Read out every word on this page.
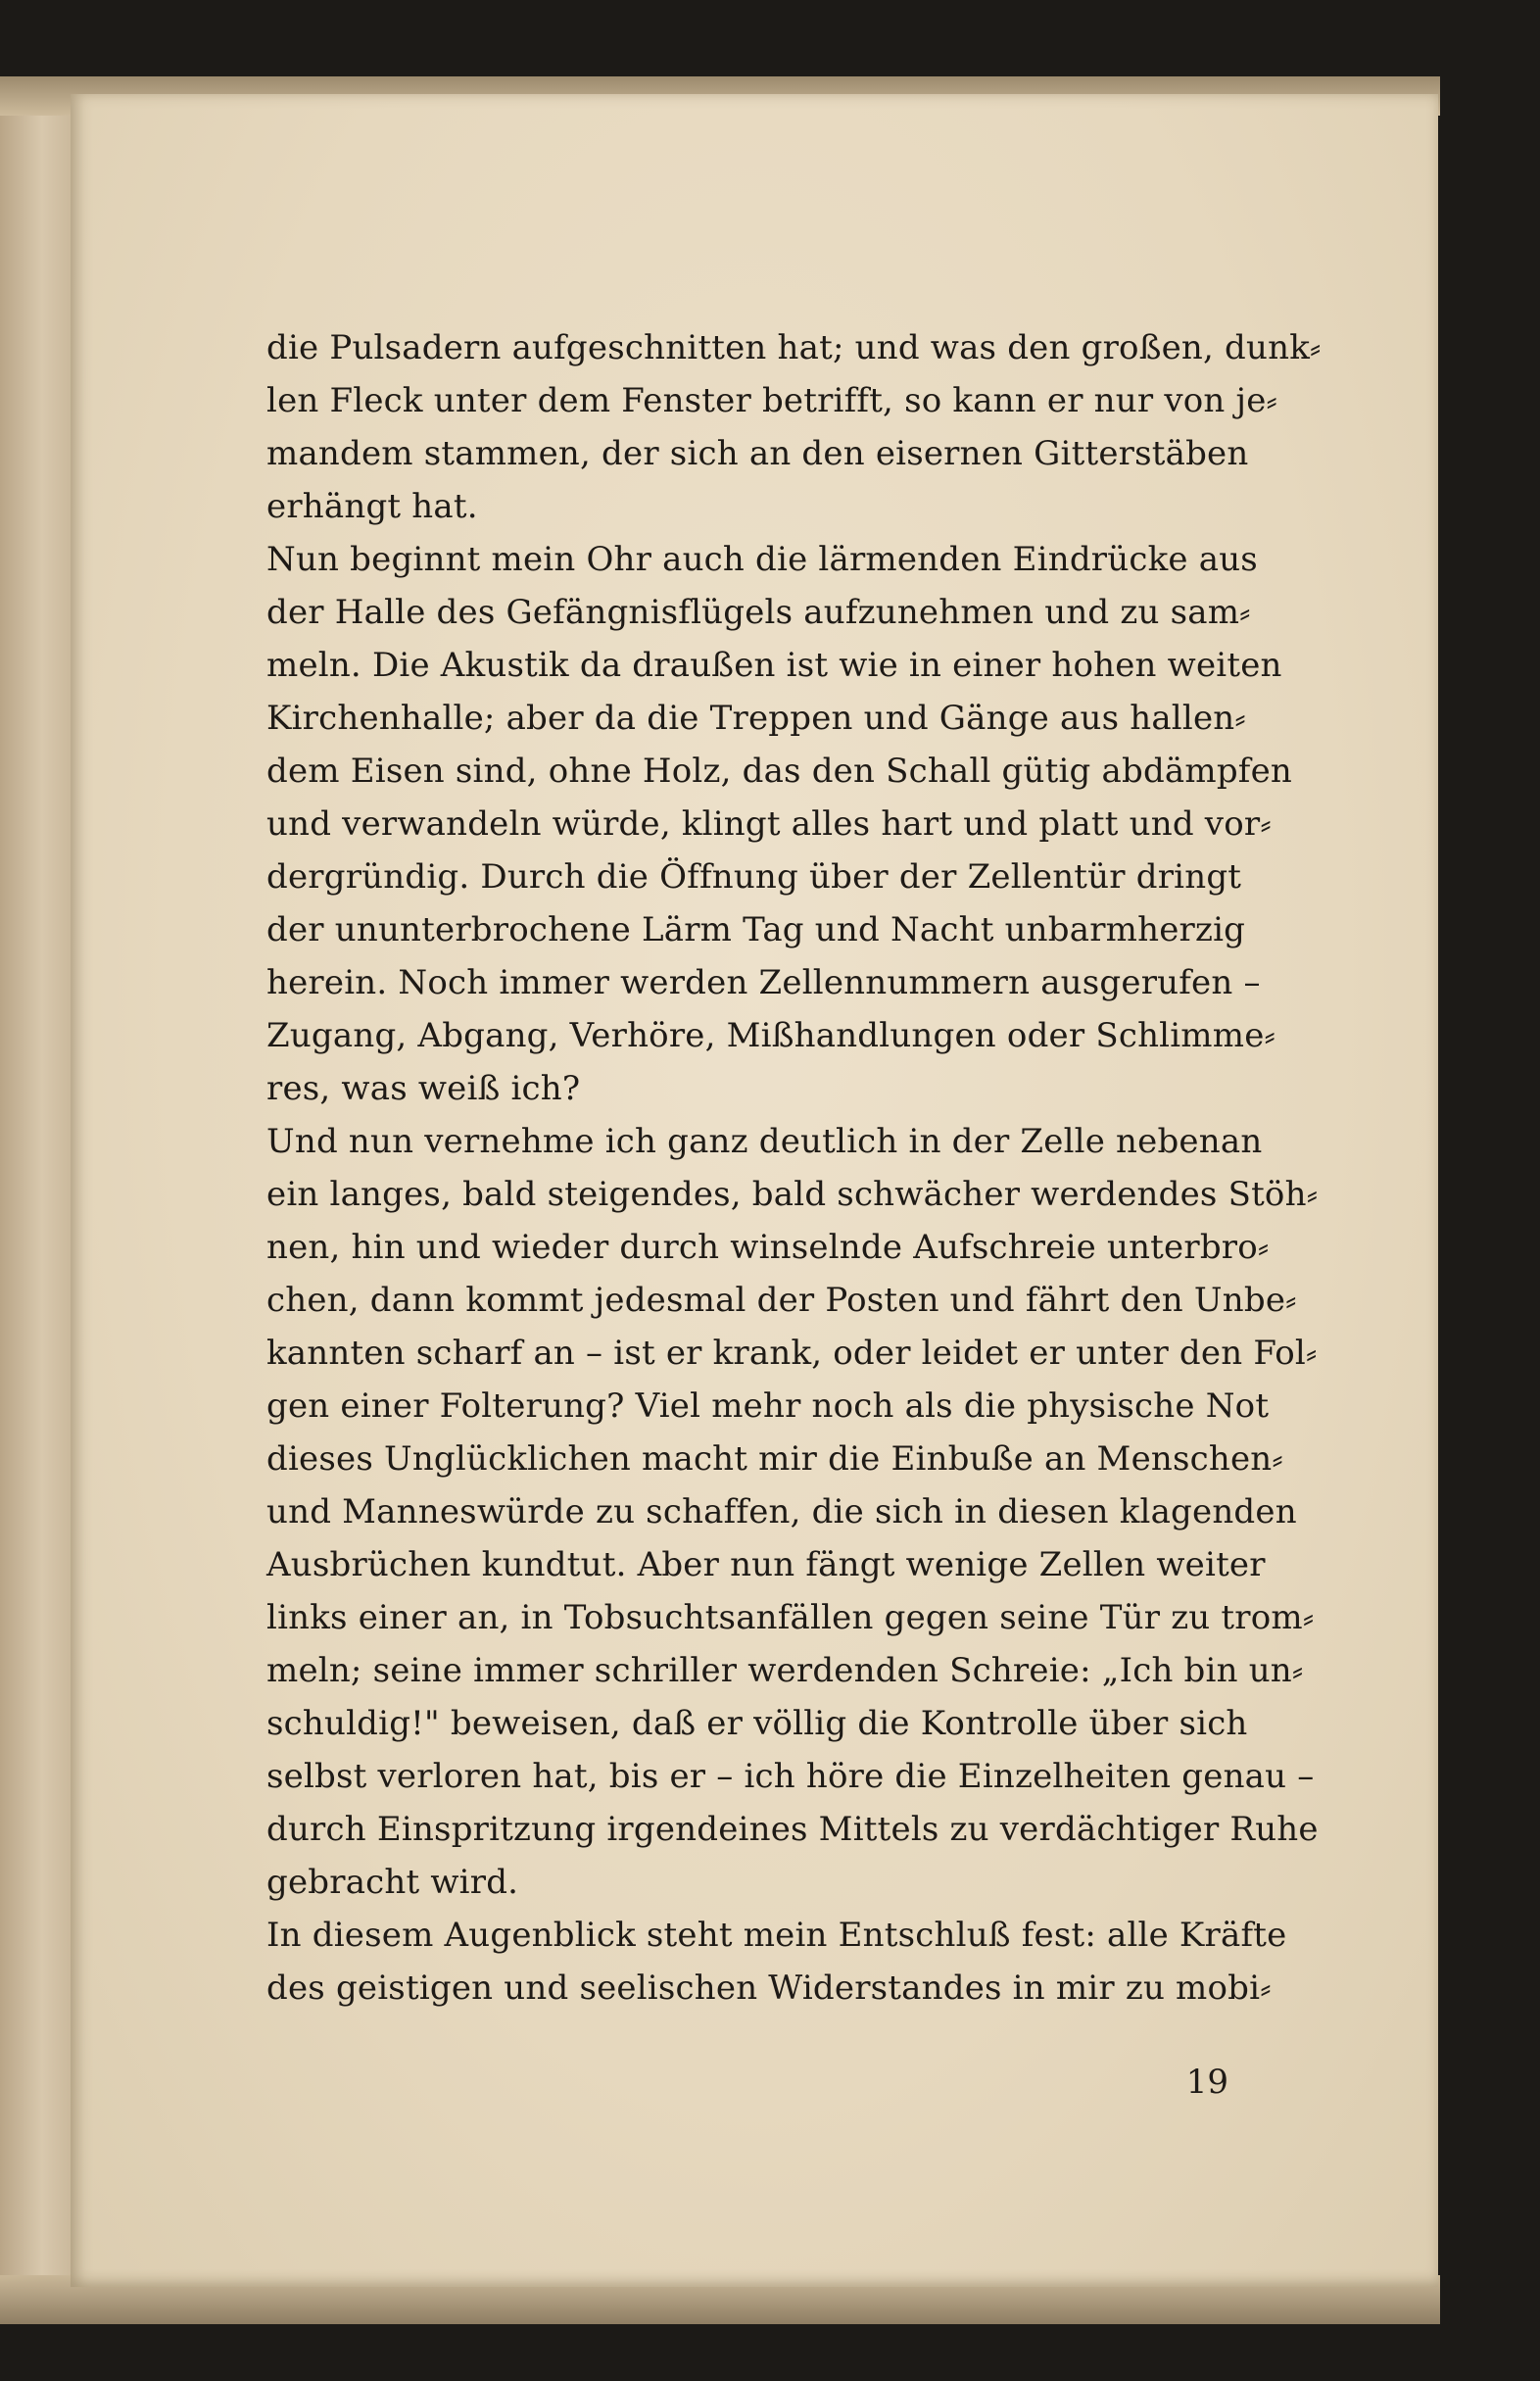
die Pulsadern aufgeschnitten hat; und was den großen, dunk⸗
len Fleck unter dem Fenster betrifft, so kann er nur von je⸗
mandem stammen, der sich an den eisernen Gitterstäben
erhängt hat.
Nun beginnt mein Ohr auch die lärmenden Eindrücke aus
der Halle des Gefängnisflügels aufzunehmen und zu sam⸗
meln. Die Akustik da draußen ist wie in einer hohen weiten
Kirchenhalle; aber da die Treppen und Gänge aus hallen⸗
dem Eisen sind, ohne Holz, das den Schall gütig abdämpfen
und verwandeln würde, klingt alles hart und platt und vor⸗
dergründig. Durch die Öffnung über der Zellentür dringt
der ununterbrochene Lärm Tag und Nacht unbarmherzig
herein. Noch immer werden Zellennummern ausgerufen –
Zugang, Abgang, Verhöre, Mißhandlungen oder Schlimme⸗
res, was weiß ich?
Und nun vernehme ich ganz deutlich in der Zelle nebenan
ein langes, bald steigendes, bald schwächer werdendes Stöh⸗
nen, hin und wieder durch winselnde Aufschreie unterbro⸗
chen, dann kommt jedesmal der Posten und fährt den Unbe⸗
kannten scharf an – ist er krank, oder leidet er unter den Fol⸗
gen einer Folterung? Viel mehr noch als die physische Not
dieses Unglücklichen macht mir die Einbuße an Menschen⸗
und Manneswürde zu schaffen, die sich in diesen klagenden
Ausbrüchen kundtut. Aber nun fängt wenige Zellen weiter
links einer an, in Tobsuchtsanfällen gegen seine Tür zu trom⸗
meln; seine immer schriller werdenden Schreie: „Ich bin un⸗
schuldig!" beweisen, daß er völlig die Kontrolle über sich
selbst verloren hat, bis er – ich höre die Einzelheiten genau –
durch Einspritzung irgendeines Mittels zu verdächtiger Ruhe
gebracht wird.
In diesem Augenblick steht mein Entschluß fest: alle Kräfte
des geistigen und seelischen Widerstandes in mir zu mobi⸗
19
